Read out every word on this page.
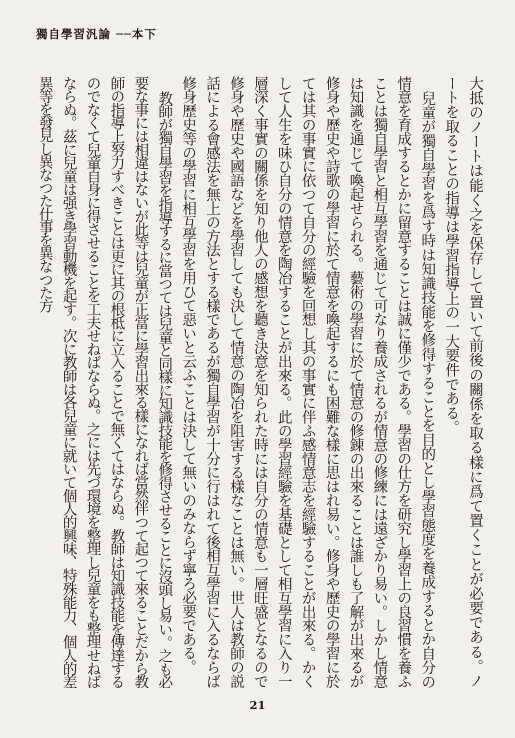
獨自學習汎論 ──本下

大抵のノートは能く之を保存して置いて前後の關係を取る樣に爲て置くことが必要である。ノートを取ることの指導は學習指導上の一大要件である。

兒童が獨自學習を爲す時は知識技能を修得することを目的とし學習態度を養成するとか自分の情意を育成するとかに留意することは誠に僅少である。學習の仕方を研究し學習上の良習慣を養ふことは獨自學習と相互學習を通じて可なり養成されるが情意の修練には遠ざかり易い。しかし情意は知識を通じて喚起せられる。藝術の學習に於て情意の修錬の出來ることは誰しも了解が出來るが修身や歷史や詩歌の學習に於て情意を喚起するにも困難な樣に思はれ易い。修身や歷史の學習に於ては其の事實に依つて自分の經驗を回想し其の事實に伴ふ感情意志を經驗することが出來る。かくして人生を味ひ自分の情意を陶冶することが出來る。此の學習經驗を基礎として相互學習に入り一層深く事實の關係を知り他人の感想を聽き決意を知られた時には自分の情意も一層旺盛となるので修身や歷史や國語などを學習しても決して情意の陶冶を阻害する樣なことは無い。世人は教師の説話による會感法を無上の方法とする樣であるが獨自學習が十分に行はれて後相互學習に入るならば修身歷史等の學習に相互學習を用ひて惡いと云ふことは決して無いのみならず寧ろ必要である。

教師が獨自學習を指導するに當つては兒童と同樣に知識技能を修得させることに沒頭し易い。之も必要な事には相違はないが此等は兒童が正當に學習出來る樣になれば當然伴つて起つて來ることだから教師の指導上努力すべきことは更に其の根柢に立入ることで無くてはならぬ。教師は知識技能を傳達するのでなくて兒童自身に得させることを工夫せねばならぬ。之には先づ環境を整理し兒童をも整理せねばならぬ。茲に兒童は强き學習動機を起す。次に教師は各兒童に就いて個人的興味、特殊能力、個人的差異等を發見し異なつた仕事を異なつた方

21
